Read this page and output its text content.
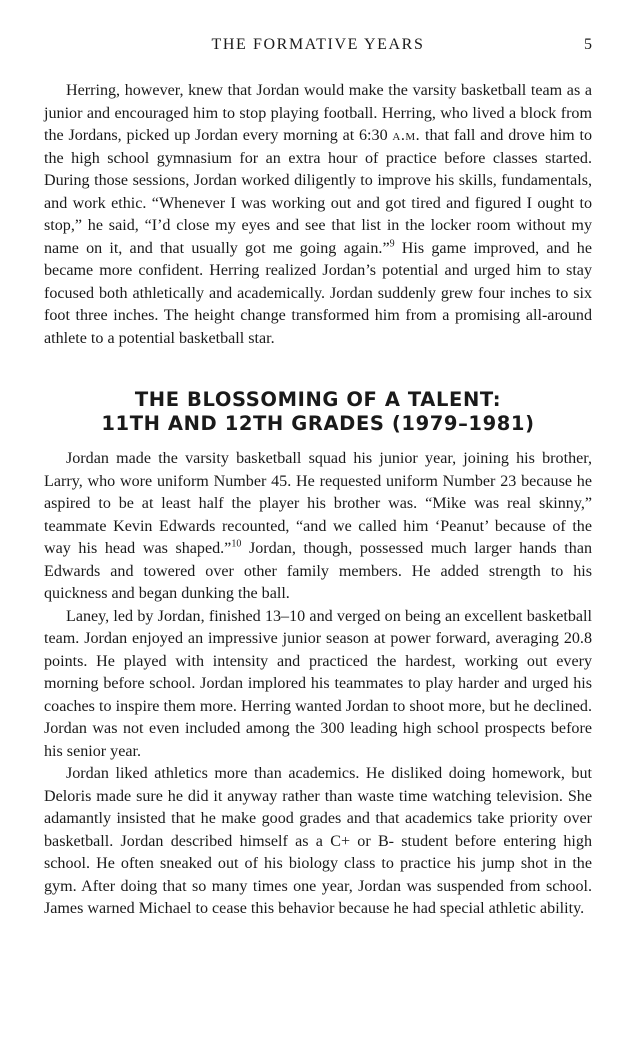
THE FORMATIVE YEARS	5

Herring, however, knew that Jordan would make the varsity basketball team as a junior and encouraged him to stop playing football. Herring, who lived a block from the Jordans, picked up Jordan every morning at 6:30 a.m. that fall and drove him to the high school gymnasium for an extra hour of practice before classes started. During those sessions, Jordan worked diligently to improve his skills, fundamentals, and work ethic. “Whenever I was working out and got tired and figured I ought to stop,” he said, “I’d close my eyes and see that list in the locker room without my name on it, and that usually got me going again.”$^9$ His game improved, and he became more confident. Herring realized Jordan’s potential and urged him to stay focused both athletically and academically. Jordan suddenly grew four inches to six foot three inches. The height change transformed him from a promising all-around athlete to a potential basketball star.

THE BLOSSOMING OF A TALENT:
11TH AND 12TH GRADES (1979–1981)

Jordan made the varsity basketball squad his junior year, joining his brother, Larry, who wore uniform Number 45. He requested uniform Number 23 because he aspired to be at least half the player his brother was. “Mike was real skinny,” teammate Kevin Edwards recounted, “and we called him ‘Peanut’ because of the way his head was shaped.”$^{10}$ Jordan, though, possessed much larger hands than Edwards and towered over other family members. He added strength to his quickness and began dunking the ball.

Laney, led by Jordan, finished 13–10 and verged on being an excellent basketball team. Jordan enjoyed an impressive junior season at power forward, averaging 20.8 points. He played with intensity and practiced the hardest, working out every morning before school. Jordan implored his teammates to play harder and urged his coaches to inspire them more. Herring wanted Jordan to shoot more, but he declined. Jordan was not even included among the 300 leading high school prospects before his senior year.

Jordan liked athletics more than academics. He disliked doing homework, but Deloris made sure he did it anyway rather than waste time watching television. She adamantly insisted that he make good grades and that academics take priority over basketball. Jordan described himself as a C+ or B- student before entering high school. He often sneaked out of his biology class to practice his jump shot in the gym. After doing that so many times one year, Jordan was suspended from school. James warned Michael to cease this behavior because he had special athletic ability.
